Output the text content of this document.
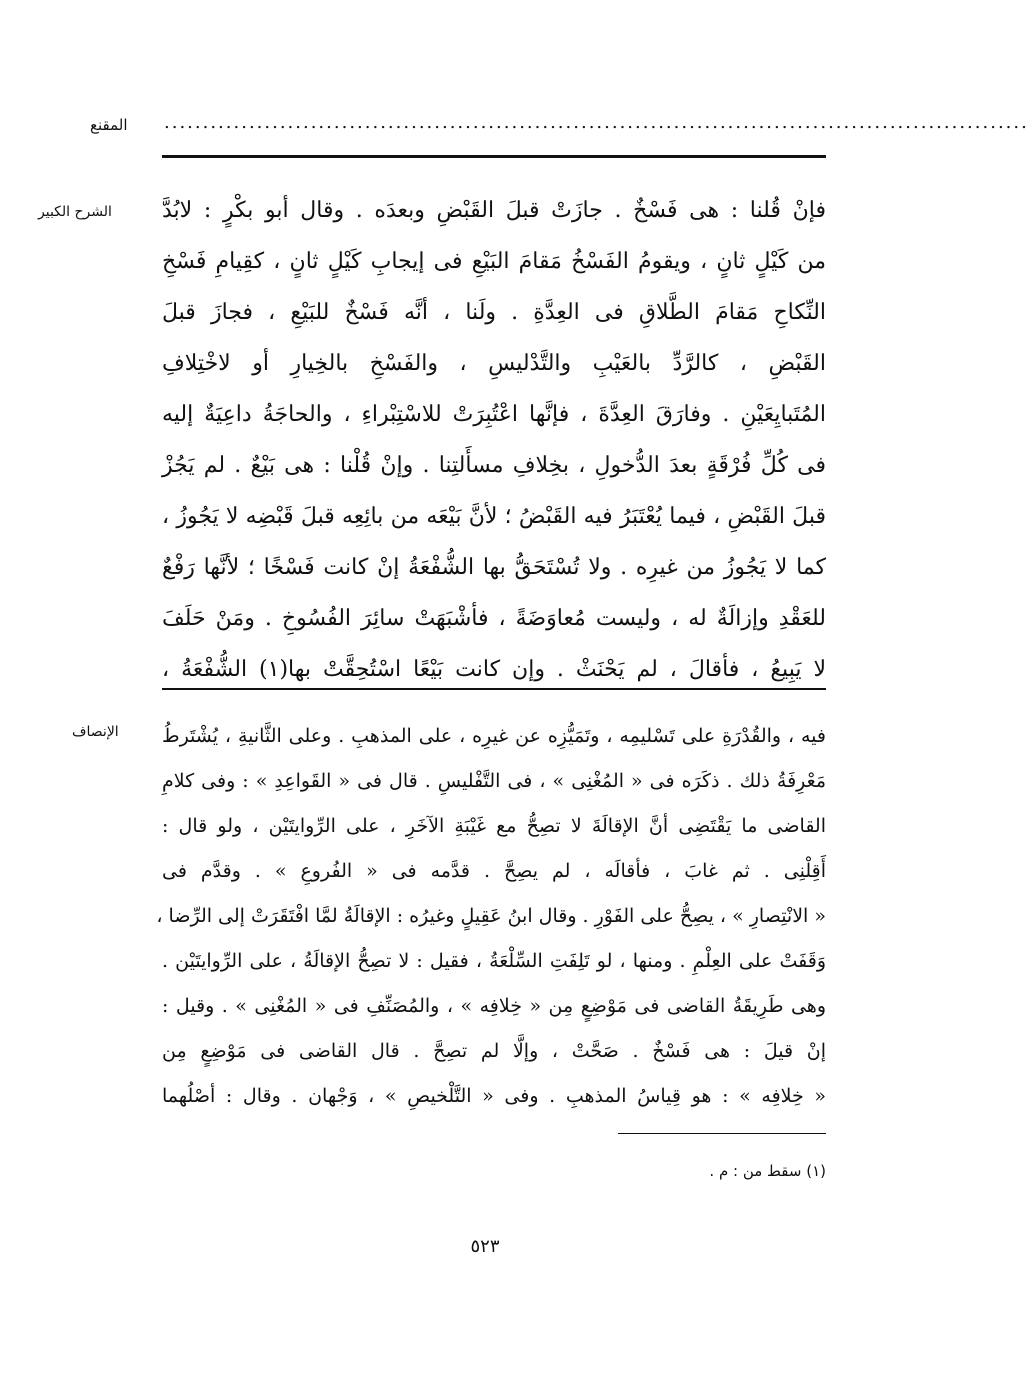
المقنع ................................................................................................................
الشرح الكبير فإنْ قُلنا : هى فَسْخٌ . جازَتْ قبلَ القَبْضِ وبعدَه . وقال أبو بكْرٍ : لابُدَّ
من كَيْلٍ ثانٍ ، ويقومُ الفَسْخُ مَقامَ البَيْعِ فى إيجابِ كَيْلٍ ثانٍ ، كقِيامِ فَسْخِ
النِّكاحِ مَقامَ الطَّلاقِ فى العِدَّةِ . ولَنا ، أنَّه فَسْخٌ للبَيْعِ ، فجازَ قبلَ
القَبْضِ ، كالرَّدِّ بالعَيْبِ والتَّدْليسِ ، والفَسْخِ بالخِيارِ أو لاخْتِلافِ
المُتَبايِعَيْنِ . وفارَقَ العِدَّةَ ، فإنَّها اعْتُبِرَتْ للاسْتِبْراءِ ، والحاجَةُ داعِيَةٌ إليه
فى كُلِّ فُرْقَةٍ بعدَ الدُّخولِ ، بخِلافِ مسأَلتِنا . وإنْ قُلْنا : هى بَيْعٌ . لم يَجُزْ
قبلَ القَبْضِ ، فيما يُعْتَبَرُ فيه القَبْضُ ؛ لأنَّ بَيْعَه من بائِعِه قبلَ قَبْضِه لا يَجُوزُ ،
كما لا يَجُوزُ من غيرِه . ولا تُسْتَحَقُّ بها الشُّفْعَةُ إنْ كانت فَسْخًا ؛ لأنَّها رَفْعٌ
للعَقْدِ وإزالَةٌ له ، وليست مُعاوَضَةً ، فأشْبَهَتْ سائِرَ الفُسُوخِ . ومَنْ حَلَفَ
لا يَبِيعُ ، فأقالَ ، لم يَحْنَثْ . وإن كانت بَيْعًا اسْتُحِقَّتْ بها(١) الشُّفْعَةُ ،
الإنصاف فيه ، والقُدْرَةِ على تَسْليمِه ، وتَمَيُّزِه عن غيرِه ، على المذهبِ . وعلى الثَّانيةِ ، يُشْتَرطُ
مَعْرِفَةُ ذلك . ذكَرَه فى « المُغْنِى » ، فى التَّفْليسِ . قال فى « القَواعِدِ » : وفى كلامِ
القاضى ما يَقْتَضِى أنَّ الإقالَةَ لا تصِحُّ مع غَيْبَةِ الآخَرِ ، على الرِّوايتَيْن ، ولو قال :
أَقِلْنِى . ثم غابَ ، فأقالَه ، لم يصِحَّ . قدَّمه فى « الفُروعِ » . وقدَّم فى
« الانْتِصارِ » ، يصِحُّ على الفَوْرِ . وقال ابنُ عَقِيلٍ وغيرُه : الإقالَةُ لمَّا افْتَقَرَتْ إلى الرِّضا ،
وَقَفَتْ على العِلْمِ . ومنها ، لو تَلِفَتِ السِّلْعَةُ ، فقيل : لا تصِحُّ الإقالَةُ ، على الرِّوايتَيْن .
وهى طَرِيقَةُ القاضى فى مَوْضِعٍ مِن « خِلافِه » ، والمُصَنِّفِ فى « المُغْنِى » . وقيل :
إنْ قيلَ : هى فَسْخٌ . صَحَّتْ ، وإلَّا لم تصِحَّ . قال القاضى فى مَوْضِعٍ مِن
« خِلافِه » : هو قِياسُ المذهبِ . وفى « التَّلْخيصِ » ، وَجْهان . وقال : أصْلُهما
(١) سقط من : م .
٥٢٣
